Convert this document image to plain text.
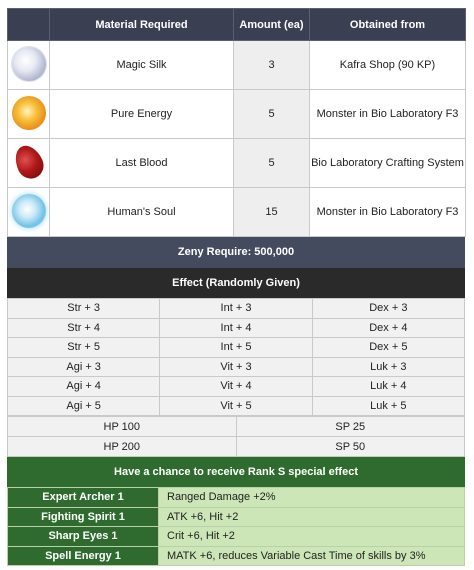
	Material Required	Amount (ea)	Obtained from
	Magic Silk	3	Kafra Shop (90 KP)
	Pure Energy	5	Monster in Bio Laboratory F3
	Last Blood	5	Bio Laboratory Crafting System
	Human's Soul	15	Monster in Bio Laboratory F3
Zeny Require: 500,000
Effect (Randomly Given)
Str + 3	Int + 3	Dex + 3
Str + 4	Int + 4	Dex + 4
Str + 5	Int + 5	Dex + 5
Agi + 3	Vit + 3	Luk + 3
Agi + 4	Vit + 4	Luk + 4
Agi + 5	Vit + 5	Luk + 5
HP 100	SP 25
HP 200	SP 50
Have a chance to receive Rank S special effect
Expert Archer 1	Ranged Damage +2%
Fighting Spirit 1	ATK +6, Hit +2
Sharp Eyes 1	Crit +6, Hit +2
Spell Energy 1	MATK +6, reduces Variable Cast Time of skills by 3%
